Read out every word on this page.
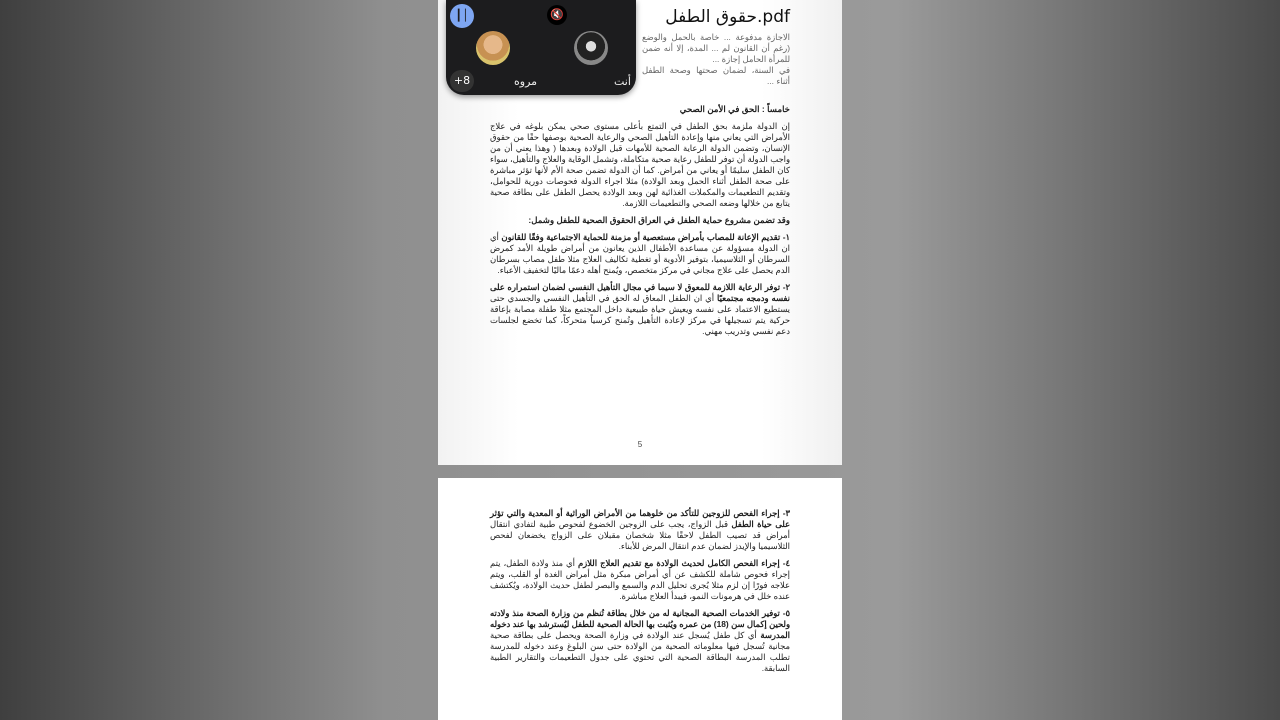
حقوق الطفل.pdf
الاجازة مدفوعة ... خاصة بالحمل والوضع (رغم أن القانون لم ... المدة، إلا أنه ضمن للمرأة الحامل إجازة ...
في السنة، لضمان صحتها وصحة الطفل أثناء ...
خامساً : الحق في الأمن الصحي
إن الدولة ملزمة بحق الطفل في التمتع بأعلى مستوى صحي يمكن بلوغه في علاج الأمراض التي يعاني منها وإعادة التأهيل الصحي والرعاية الصحية بوصفها حقًا من حقوق الإنسان، وتضمن الدولة الرعاية الصحية للأمهات قبل الولادة وبعدها ( وهذا يعني أن من واجب الدولة أن توفر للطفل رعاية صحية متكاملة، وتشمل الوقاية والعلاج والتأهيل، سواء كان الطفل سليمًا أو يعاني من أمراض. كما أن الدولة تضمن صحة الأم لأنها تؤثر مباشرة على صحة الطفل أثناء الحمل وبعد الولادة) مثلا اجراء الدولة فحوصات دورية للحوامل، وتقديم التطعيمات والمكملات الغذائية لهن وبعد الولادة يحصل الطفل على بطاقة صحية يتابع من خلالها وضعه الصحي والتطعيمات اللازمة.
وقد تضمن مشروع حماية الطفل في العراق الحقوق الصحية للطفل وشمل:
١- تقديم الإعانة للمصاب بأمراض مستعصية أو مزمنة للحماية الاجتماعية وفقًا للقانون أي ان الدولة مسؤولة عن مساعدة الأطفال الذين يعانون من أمراض طويلة الأمد كمرض السرطان أو الثلاسيميا، بتوفير الأدوية أو تغطية تكاليف العلاج مثلا طفل مصاب بسرطان الدم يحصل على علاج مجاني في مركز متخصص، ويُمنح أهله دعمًا ماليًا لتخفيف الأعباء.
٢- توفر الرعاية اللازمة للمعوق لا سيما في مجال التأهيل النفسي لضمان استمراره على نفسه ودمجه مجتمعيًا أي ان الطفل المعاق له الحق في التأهيل النفسي والجسدي حتى يستطيع الاعتماد على نفسه ويعيش حياة طبيعية داخل المجتمع مثلا طفلة مصابة بإعاقة حركية يتم تسجيلها في مركز لإعادة التأهيل وتُمنح كرسياً متحركاً، كما تخضع لجلسات دعم نفسي وتدريب مهني.
5
٣- إجراء الفحص للزوجين للتأكد من خلوهما من الأمراض الوراثية أو المعدية والتي تؤثر على حياة الطفل قبل الزواج، يجب على الزوجين الخضوع لفحوص طبية لتفادي انتقال أمراض قد تصيب الطفل لاحقًا مثلا شخصان مقبلان على الزواج يخضعان لفحص الثلاسيميا والإيدز لضمان عدم انتقال المرض للأبناء.
٤- إجراء الفحص الكامل لحديث الولادة مع تقديم العلاج اللازم أي منذ ولادة الطفل، يتم إجراء فحوص شاملة للكشف عن أي أمراض مبكرة مثل أمراض الغدة أو القلب، ويتم علاجه فورًا إن لزم مثلا يُجرى تحليل الدم والسمع والبصر لطفل حديث الولادة، ويُكتشف عنده خلل في هرمونات النمو، فيبدأ العلاج مباشرة.
٥- توفير الخدمات الصحية المجانية له من خلال بطاقة تُنظم من وزارة الصحة منذ ولادته ولحين إكمال سن (18) من عمره ويُثبت بها الحالة الصحية للطفل ليُسترشد بها عند دخوله المدرسة أي كل طفل يُسجل عند الولادة في وزارة الصحة ويحصل على بطاقة صحية مجانية تُسجل فيها معلوماته الصحية من الولادة حتى سن البلوغ وعند دخوله للمدرسة تطلب المدرسة البطاقة الصحية التي تحتوي على جدول التطعيمات والتقارير الطبية السابقة.
┃│	🔇
+8	مروه	أنت
